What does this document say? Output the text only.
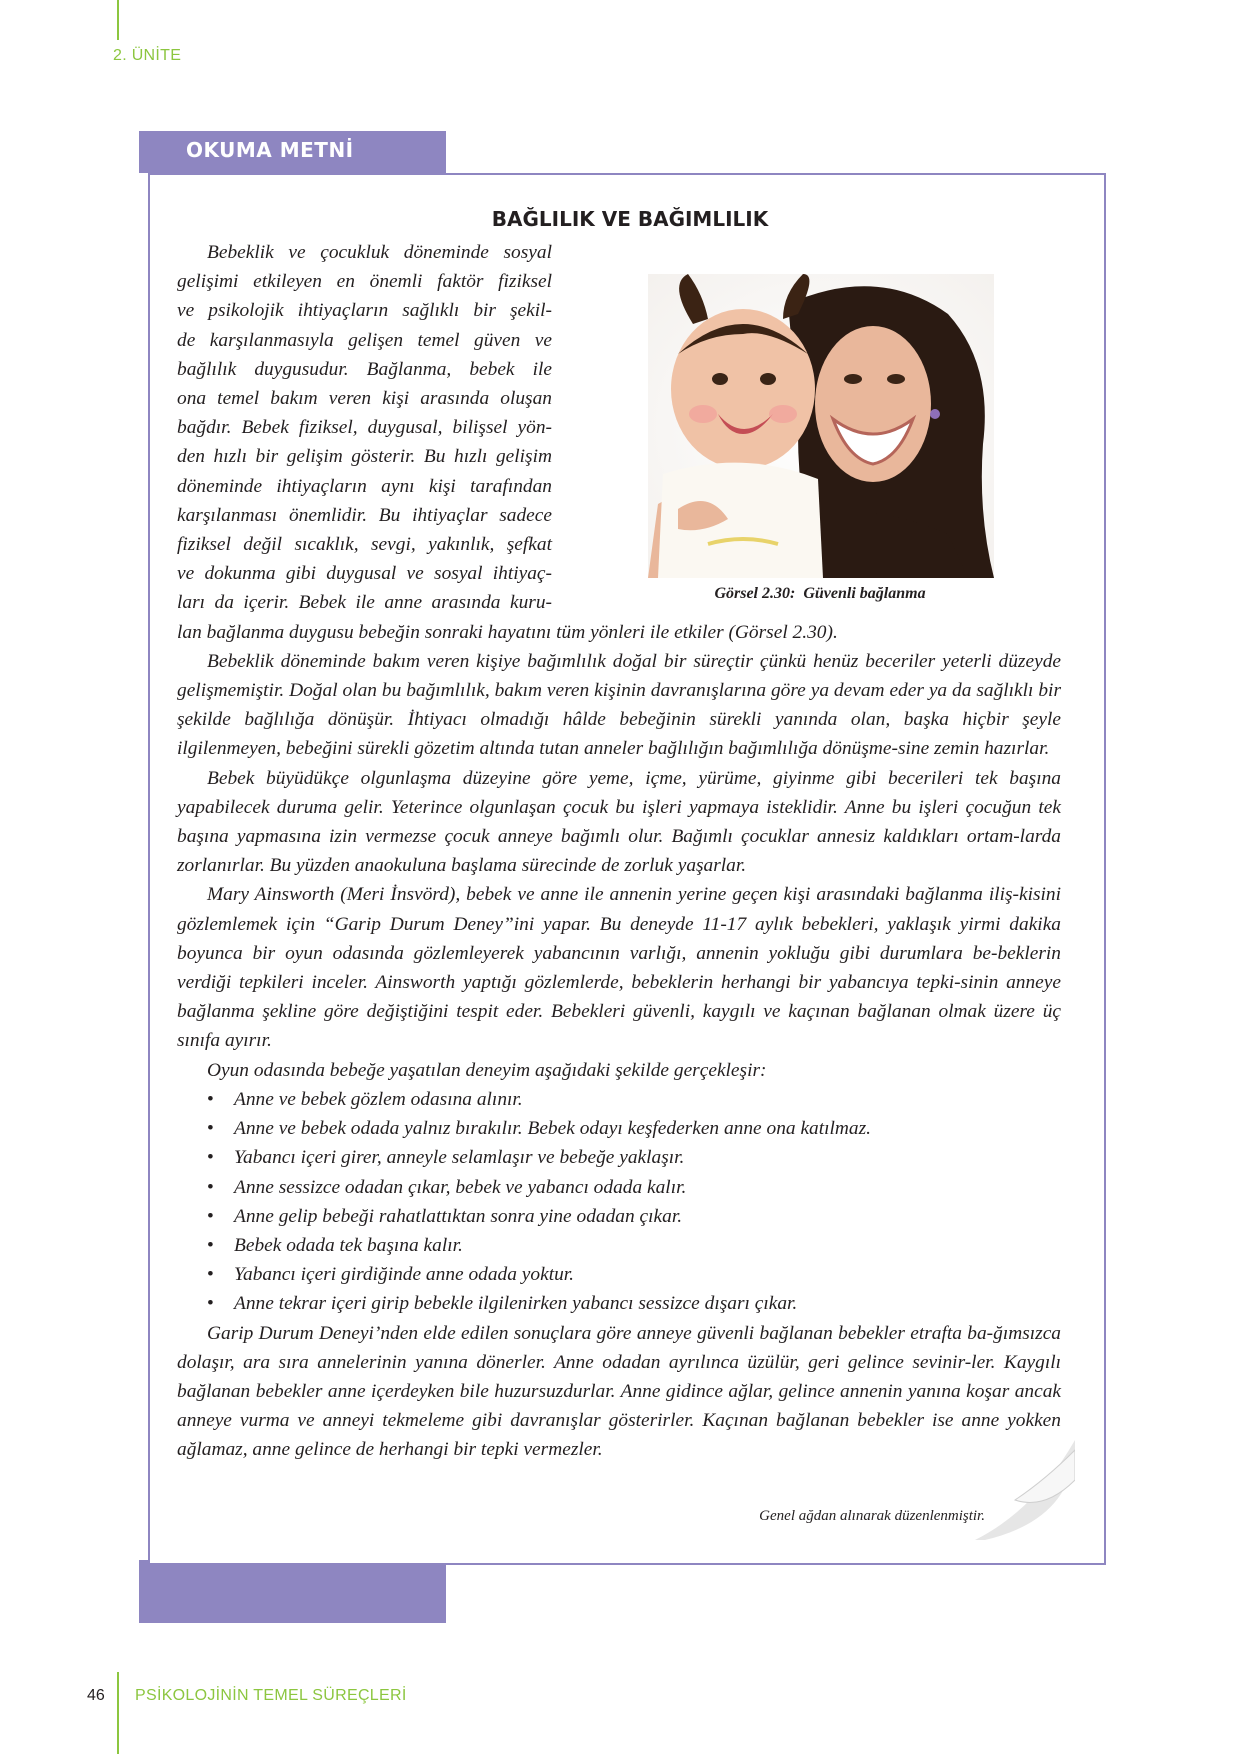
2. ÜNİTE
OKUMA METNİ
BAĞLILIK VE BAĞIMLILIK
Görsel 2.30: Güvenli bağlanma
Bebeklik ve çocukluk döneminde sosyal
gelişimi etkileyen en önemli faktör fiziksel
ve psikolojik ihtiyaçların sağlıklı bir şekil-
de karşılanmasıyla gelişen temel güven ve
bağlılık duygusudur. Bağlanma, bebek ile
ona temel bakım veren kişi arasında oluşan
bağdır. Bebek fiziksel, duygusal, bilişsel yön-
den hızlı bir gelişim gösterir. Bu hızlı gelişim
döneminde ihtiyaçların aynı kişi tarafından
karşılanması önemlidir. Bu ihtiyaçlar sadece
fiziksel değil sıcaklık, sevgi, yakınlık, şefkat
ve dokunma gibi duygusal ve sosyal ihtiyaç-
ları da içerir. Bebek ile anne arasında kuru-

lan bağlanma duygusu bebeğin sonraki hayatını tüm yönleri ile etkiler (Görsel 2.30).

Bebeklik döneminde bakım veren kişiye bağımlılık doğal bir süreçtir çünkü henüz beceriler yeterli düzeyde gelişmemiştir. Doğal olan bu bağımlılık, bakım veren kişinin davranışlarına göre ya devam eder ya da sağlıklı bir şekilde bağlılığa dönüşür. İhtiyacı olmadığı hâlde bebeğinin sürekli yanında olan, başka hiçbir şeyle ilgilenmeyen, bebeğini sürekli gözetim altında tutan anneler bağlılığın bağımlılığa dönüşme-sine zemin hazırlar.

Bebek büyüdükçe olgunlaşma düzeyine göre yeme, içme, yürüme, giyinme gibi becerileri tek başına yapabilecek duruma gelir. Yeterince olgunlaşan çocuk bu işleri yapmaya isteklidir. Anne bu işleri çocuğun tek başına yapmasına izin vermezse çocuk anneye bağımlı olur. Bağımlı çocuklar annesiz kaldıkları ortam-larda zorlanırlar. Bu yüzden anaokuluna başlama sürecinde de zorluk yaşarlar.

Mary Ainsworth (Meri İnsvörd), bebek ve anne ile annenin yerine geçen kişi arasındaki bağlanma iliş-kisini gözlemlemek için “Garip Durum Deney”ini yapar. Bu deneyde 11-17 aylık bebekleri, yaklaşık yirmi dakika boyunca bir oyun odasında gözlemleyerek yabancının varlığı, annenin yokluğu gibi durumlara be-beklerin verdiği tepkileri inceler. Ainsworth yaptığı gözlemlerde, bebeklerin herhangi bir yabancıya tepki-sinin anneye bağlanma şekline göre değiştiğini tespit eder. Bebekleri güvenli, kaygılı ve kaçınan bağlanan olmak üzere üç sınıfa ayırır.

Oyun odasında bebeğe yaşatılan deneyim aşağıdaki şekilde gerçekleşir:

•	Anne ve bebek gözlem odasına alınır.
•	Anne ve bebek odada yalnız bırakılır. Bebek odayı keşfederken anne ona katılmaz.
•	Yabancı içeri girer, anneyle selamlaşır ve bebeğe yaklaşır.
•	Anne sessizce odadan çıkar, bebek ve yabancı odada kalır.
•	Anne gelip bebeği rahatlattıktan sonra yine odadan çıkar.
•	Bebek odada tek başına kalır.
•	Yabancı içeri girdiğinde anne odada yoktur.
•	Anne tekrar içeri girip bebekle ilgilenirken yabancı sessizce dışarı çıkar.

Garip Durum Deneyi’nden elde edilen sonuçlara göre anneye güvenli bağlanan bebekler etrafta ba-ğımsızca dolaşır, ara sıra annelerinin yanına dönerler. Anne odadan ayrılınca üzülür, geri gelince sevinir-ler. Kaygılı bağlanan bebekler anne içerdeyken bile huzursuzdurlar. Anne gidince ağlar, gelince annenin yanına koşar ancak anneye vurma ve anneyi tekmeleme gibi davranışlar gösterirler. Kaçınan bağlanan bebekler ise anne yokken ağlamaz, anne gelince de herhangi bir tepki vermezler.

Genel ağdan alınarak düzenlenmiştir.
46 PSİKOLOJİNİN TEMEL SÜREÇLERİ
